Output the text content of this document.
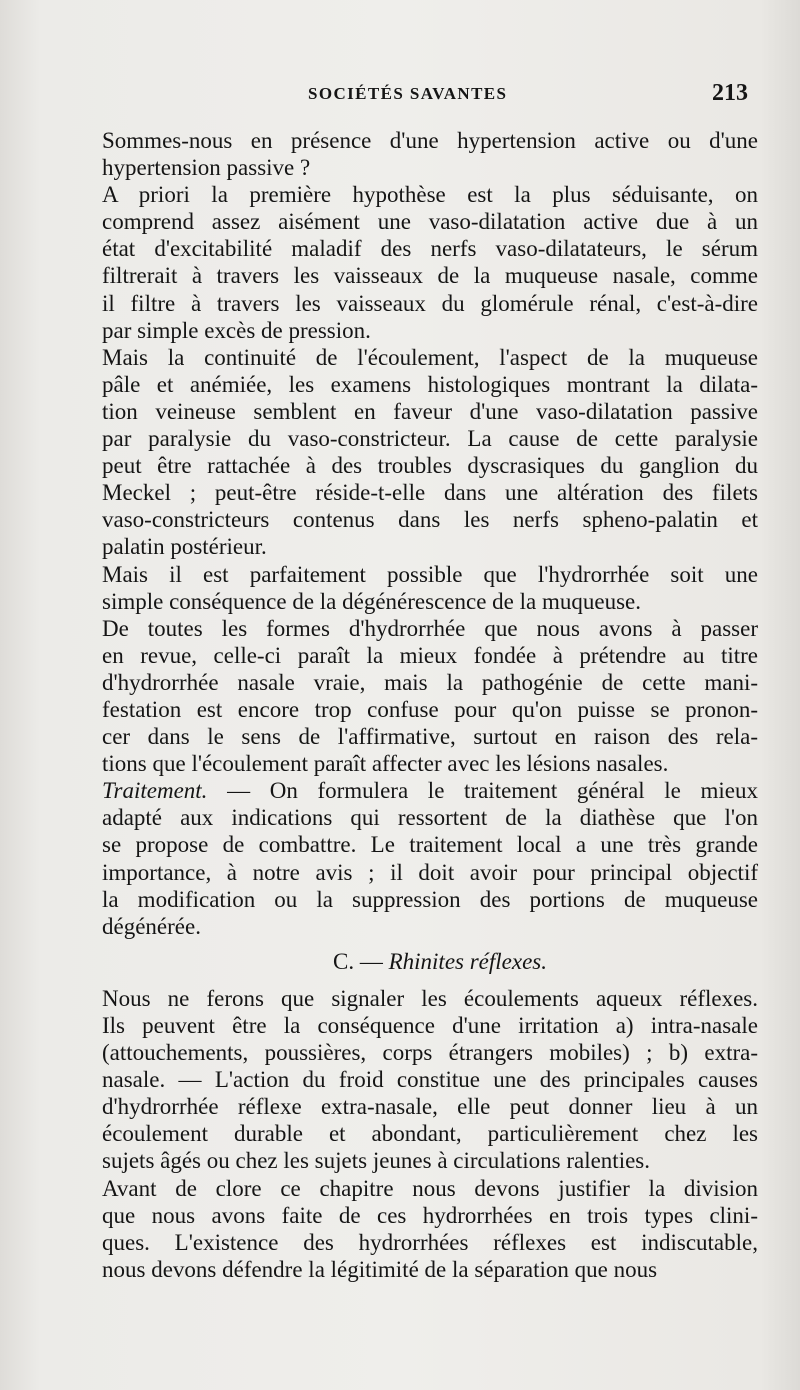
SOCIÉTÉS SAVANTES	213

Sommes-nous en présence d'une hypertension active ou d'une
hypertension passive ?

A priori la première hypothèse est la plus séduisante, on
comprend assez aisément une vaso-dilatation active due à un
état d'excitabilité maladif des nerfs vaso-dilatateurs, le sérum
filtrerait à travers les vaisseaux de la muqueuse nasale, comme
il filtre à travers les vaisseaux du glomérule rénal, c'est-à-dire
par simple excès de pression.

Mais la continuité de l'écoulement, l'aspect de la muqueuse
pâle et anémiée, les examens histologiques montrant la dilata-
tion veineuse semblent en faveur d'une vaso-dilatation passive
par paralysie du vaso-constricteur. La cause de cette paralysie
peut être rattachée à des troubles dyscrasiques du ganglion du
Meckel ; peut-être réside-t-elle dans une altération des filets
vaso-constricteurs contenus dans les nerfs spheno-palatin et
palatin postérieur.

Mais il est parfaitement possible que l'hydrorrhée soit une
simple conséquence de la dégénérescence de la muqueuse.

De toutes les formes d'hydrorrhée que nous avons à passer
en revue, celle-ci paraît la mieux fondée à prétendre au titre
d'hydrorrhée nasale vraie, mais la pathogénie de cette mani-
festation est encore trop confuse pour qu'on puisse se pronon-
cer dans le sens de l'affirmative, surtout en raison des rela-
tions que l'écoulement paraît affecter avec les lésions nasales.

Traitement. — On formulera le traitement général le mieux
adapté aux indications qui ressortent de la diathèse que l'on
se propose de combattre. Le traitement local a une très grande
importance, à notre avis ; il doit avoir pour principal objectif
la modification ou la suppression des portions de muqueuse
dégénérée.

C. — Rhinites réflexes.

Nous ne ferons que signaler les écoulements aqueux réflexes.
Ils peuvent être la conséquence d'une irritation a) intra-nasale
(attouchements, poussières, corps étrangers mobiles) ; b) extra-
nasale. — L'action du froid constitue une des principales causes
d'hydrorrhée réflexe extra-nasale, elle peut donner lieu à un
écoulement durable et abondant, particulièrement chez les
sujets âgés ou chez les sujets jeunes à circulations ralenties.

Avant de clore ce chapitre nous devons justifier la division
que nous avons faite de ces hydrorrhées en trois types clini-
ques. L'existence des hydrorrhées réflexes est indiscutable,
nous devons défendre la légitimité de la séparation que nous
